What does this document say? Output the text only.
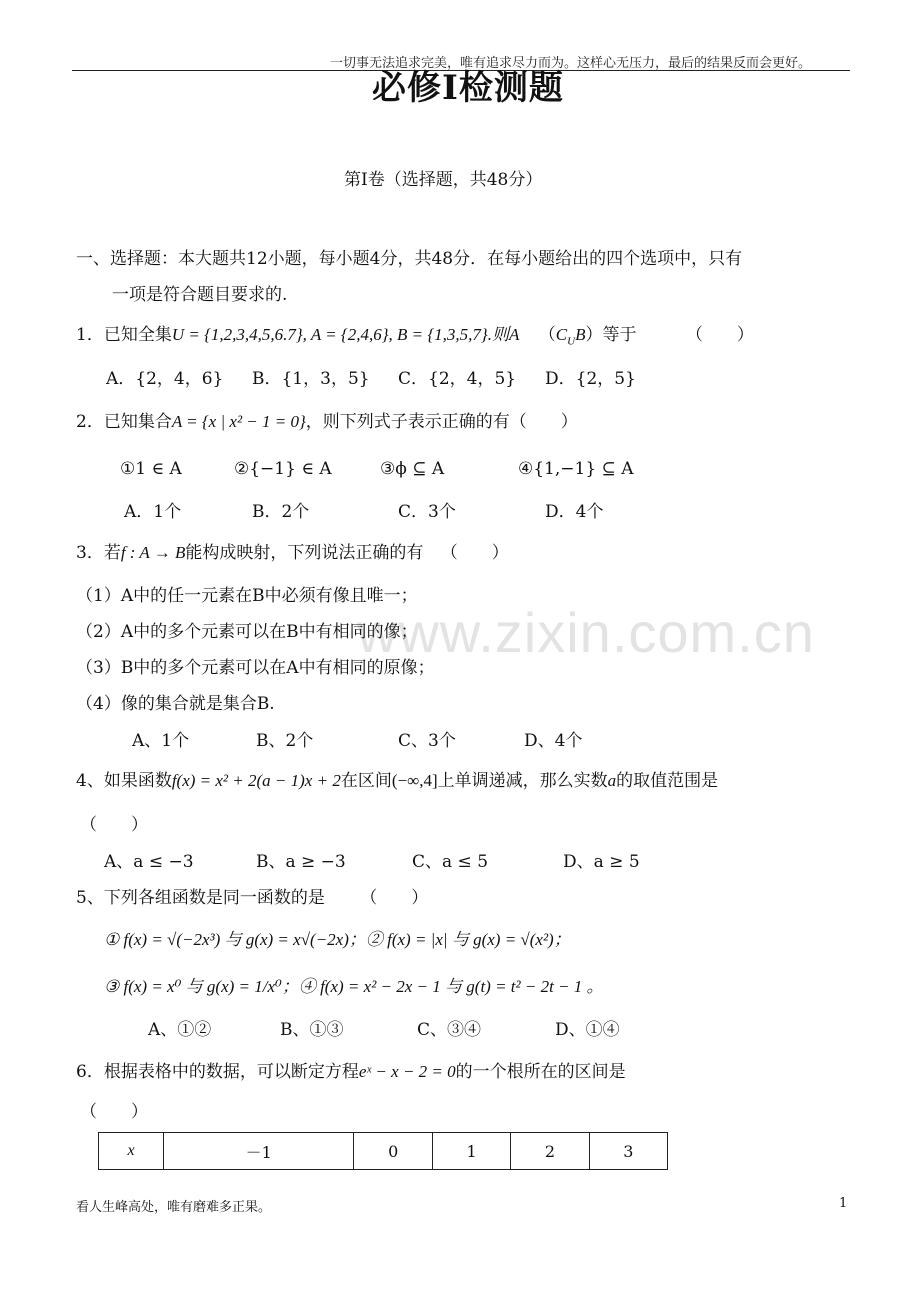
一切事无法追求完美，唯有追求尽力而为。这样心无压力，最后的结果反而会更好。
必修Ⅰ检测题
第Ⅰ卷（选择题，共48分）
www.zixin.com.cn
一、选择题：本大题共12小题，每小题4分，共48分．在每小题给出的四个选项中，只有
一项是符合题目要求的.
1．已知全集U = {1,2,3,4,5,6.7}, A = {2,4,6}, B = {1,3,5,7}.则A $(C_UB)$等于	（　　）
A．{2，4，6} B．{1，3，5} C．{2，4，5} D．{2，5}
2．已知集合A = {x | x² − 1 = 0}，则下列式子表示正确的有（　　）
①1 ∈ A	②{−1} ∈ A	③ϕ ⊆ A	④{1,−1} ⊆ A
A．1个	B．2个	C．3个	D．4个
3．若f : A → B能构成映射，下列说法正确的有 （　　）
（1）A中的任一元素在B中必须有像且唯一；
（2）A中的多个元素可以在B中有相同的像；
（3）B中的多个元素可以在A中有相同的原像；
（4）像的集合就是集合B.
A、1个	B、2个	C、3个	D、4个
4、如果函数f(x) = x² + 2(a − 1)x + 2在区间(−∞,4]上单调递减，那么实数a的取值范围是
（　　）
A、a ≤ −3	B、a ≥ −3	C、a ≤ 5	D、a ≥ 5
5、下列各组函数是同一函数的是 （　　）
① f(x) = √(−2x³) 与 g(x) = x√(−2x)；② f(x) = |x| 与 g(x) = √(x²)；
③ f(x) = x⁰ 与 g(x) = 1/x⁰；④ f(x) = x² − 2x − 1 与 g(t) = t² − 2t − 1 。
A、①②	B、①③	C、③④	D、①④
6．根据表格中的数据，可以断定方程eˣ − x − 2 = 0的一个根所在的区间是
（　　）
x	－1	0	1	2	3
看人生峰高处，唯有磨难多正果。	1
